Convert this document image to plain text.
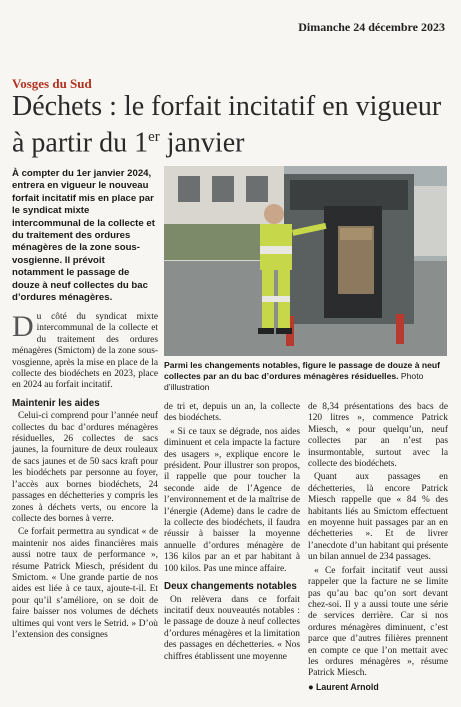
Dimanche 24 décembre 2023
Vosges du Sud
Déchets : le forfait incitatif en vigueur à partir du 1er janvier

À compter du 1er janvier 2024, entrera en vigueur le nouveau forfait incitatif mis en place par le syndicat mixte intercommunal de la collecte et du traitement des ordures ménagères de la zone sous-vosgienne. Il prévoit notamment le passage de douze à neuf collectes du bac d’ordures ménagères.

Parmi les changements notables, figure le passage de douze à neuf collectes par an du bac d’ordures ménagères résiduelles. Photo d’illustration

Du côté du syndicat mixte intercommunal de la collecte et du traitement des ordures ménagères (Smictom) de la zone sous-vosgienne, après la mise en place de la collecte des biodéchets en 2023, place en 2024 au forfait incitatif.

Maintenir les aides

Celui-ci comprend pour l’année neuf collectes du bac d’ordures ménagères résiduelles, 26 collectes de sacs jaunes, la fourniture de deux rouleaux de sacs jaunes et de 50 sacs kraft pour les biodéchets par personne au foyer, l’accès aux bornes biodéchets, 24 passages en déchetteries y compris les zones à déchets verts, ou encore la collecte des bornes à verre.

Ce forfait permettra au syndicat « de maintenir nos aides financières mais aussi notre taux de performance », résume Patrick Miesch, président du Smictom. « Une grande partie de nos aides est liée à ce taux, ajoute-t-il. Et pour qu’il s’améliore, on se doit de faire baisser nos volumes de déchets ultimes qui vont vers le Setrid. » D’où l’extension des consignes

de tri et, depuis un an, la collecte des biodéchets.

« Si ce taux se dégrade, nos aides diminuent et cela impacte la facture des usagers », explique encore le président. Pour illustrer son propos, il rappelle que pour toucher la seconde aide de l’Agence de l’environnement et de la maîtrise de l’énergie (Ademe) dans le cadre de la collecte des biodéchets, il faudra réussir à baisser la moyenne annuelle d’ordures ménagère de 136 kilos par an et par habitant à 100 kilos. Pas une mince affaire.

Deux changements notables

On relèvera dans ce forfait incitatif deux nouveautés notables : le passage de douze à neuf collectes d’ordures ménagères et la limitation des passages en déchetteries. « Nos chiffres établissent une moyenne

de 8,34 présentations des bacs de 120 litres », commence Patrick Miesch, « pour quelqu’un, neuf collectes par an n’est pas insurmontable, surtout avec la collecte des biodéchets.

Quant aux passages en déchetteries, là encore Patrick Miesch rappelle que « 84 % des habitants liés au Smictom effectuent en moyenne huit passages par an en déchetteries ». Et de livrer l’anecdote d’un habitant qui présente un bilan annuel de 234 passages.

« Ce forfait incitatif veut aussi rappeler que la facture ne se limite pas qu’au bac qu’on sort devant chez-soi. Il y a aussi toute une série de services derrière. Car si nos ordures ménagères diminuent, c’est parce que d’autres filières prennent en compte ce que l’on mettait avec les ordures ménagères », résume Patrick Miesch.

● Laurent Arnold
